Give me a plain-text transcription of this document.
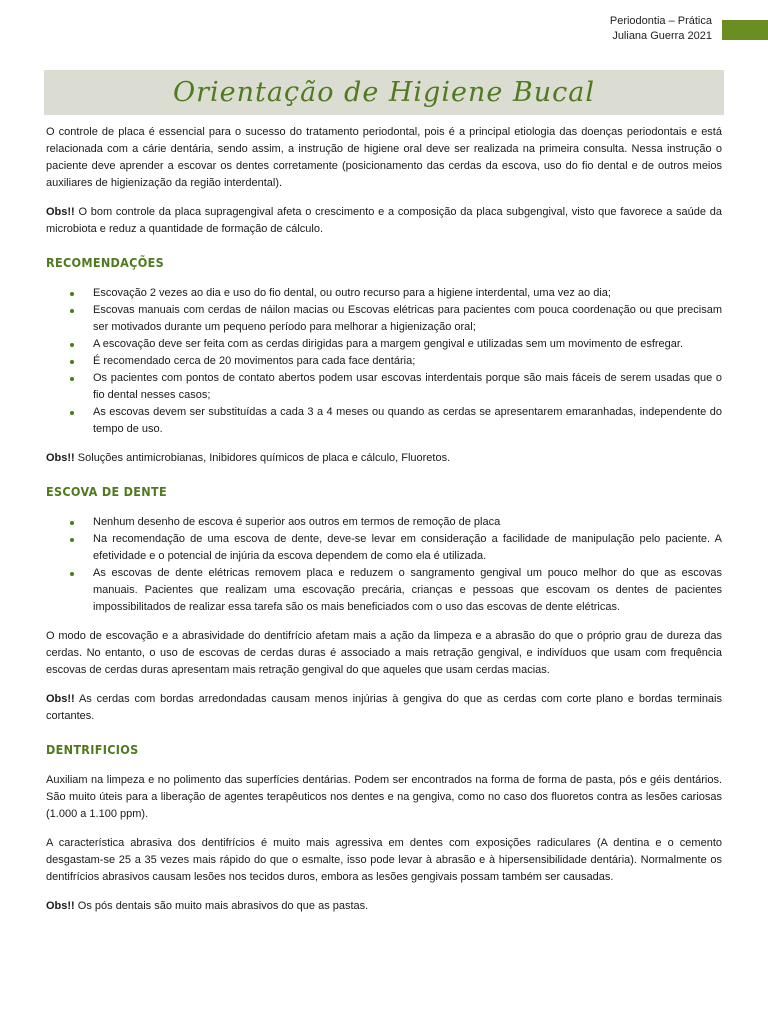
Periodontia – Prática
Juliana Guerra 2021
Orientação de Higiene Bucal

O controle de placa é essencial para o sucesso do tratamento periodontal, pois é a principal etiologia das doenças periodontais e está relacionada com a cárie dentária, sendo assim, a instrução de higiene oral deve ser realizada na primeira consulta. Nessa instrução o paciente deve aprender a escovar os dentes corretamente (posicionamento das cerdas da escova, uso do fio dental e de outros meios auxiliares de higienização da região interdental).

Obs!! O bom controle da placa supragengival afeta o crescimento e a composição da placa subgengival, visto que favorece a saúde da microbiota e reduz a quantidade de formação de cálculo.

RECOMENDAÇÕES
Escovação 2 vezes ao dia e uso do fio dental, ou outro recurso para a higiene interdental, uma vez ao dia;
Escovas manuais com cerdas de náilon macias ou Escovas elétricas para pacientes com pouca coordenação ou que precisam ser motivados durante um pequeno período para melhorar a higienização oral;
A escovação deve ser feita com as cerdas dirigidas para a margem gengival e utilizadas sem um movimento de esfregar.
É recomendado cerca de 20 movimentos para cada face dentária;
Os pacientes com pontos de contato abertos podem usar escovas interdentais porque são mais fáceis de serem usadas que o fio dental nesses casos;
As escovas devem ser substituídas a cada 3 a 4 meses ou quando as cerdas se apresentarem emaranhadas, independente do tempo de uso.

Obs!! Soluções antimicrobianas, Inibidores químicos de placa e cálculo, Fluoretos.

ESCOVA DE DENTE
Nenhum desenho de escova é superior aos outros em termos de remoção de placa
Na recomendação de uma escova de dente, deve-se levar em consideração a facilidade de manipulação pelo paciente. A efetividade e o potencial de injúria da escova dependem de como ela é utilizada.
As escovas de dente elétricas removem placa e reduzem o sangramento gengival um pouco melhor do que as escovas manuais. Pacientes que realizam uma escovação precária, crianças e pessoas que escovam os dentes de pacientes impossibilitados de realizar essa tarefa são os mais beneficiados com o uso das escovas de dente elétricas.

O modo de escovação e a abrasividade do dentifrício afetam mais a ação da limpeza e a abrasão do que o próprio grau de dureza das cerdas. No entanto, o uso de escovas de cerdas duras é associado a mais retração gengival, e indivíduos que usam com frequência escovas de cerdas duras apresentam mais retração gengival do que aqueles que usam cerdas macias.

Obs!! As cerdas com bordas arredondadas causam menos injúrias à gengiva do que as cerdas com corte plano e bordas terminais cortantes.

DENTRIFICIOS

Auxiliam na limpeza e no polimento das superfícies dentárias. Podem ser encontrados na forma de forma de pasta, pós e géis dentários. São muito úteis para a liberação de agentes terapêuticos nos dentes e na gengiva, como no caso dos fluoretos contra as lesões cariosas (1.000 a 1.100 ppm).

A característica abrasiva dos dentifrícios é muito mais agressiva em dentes com exposições radiculares (A dentina e o cemento desgastam-se 25 a 35 vezes mais rápido do que o esmalte, isso pode levar à abrasão e à hipersensibilidade dentária). Normalmente os dentifrícios abrasivos causam lesões nos tecidos duros, embora as lesões gengivais possam também ser causadas.

Obs!! Os pós dentais são muito mais abrasivos do que as pastas.
